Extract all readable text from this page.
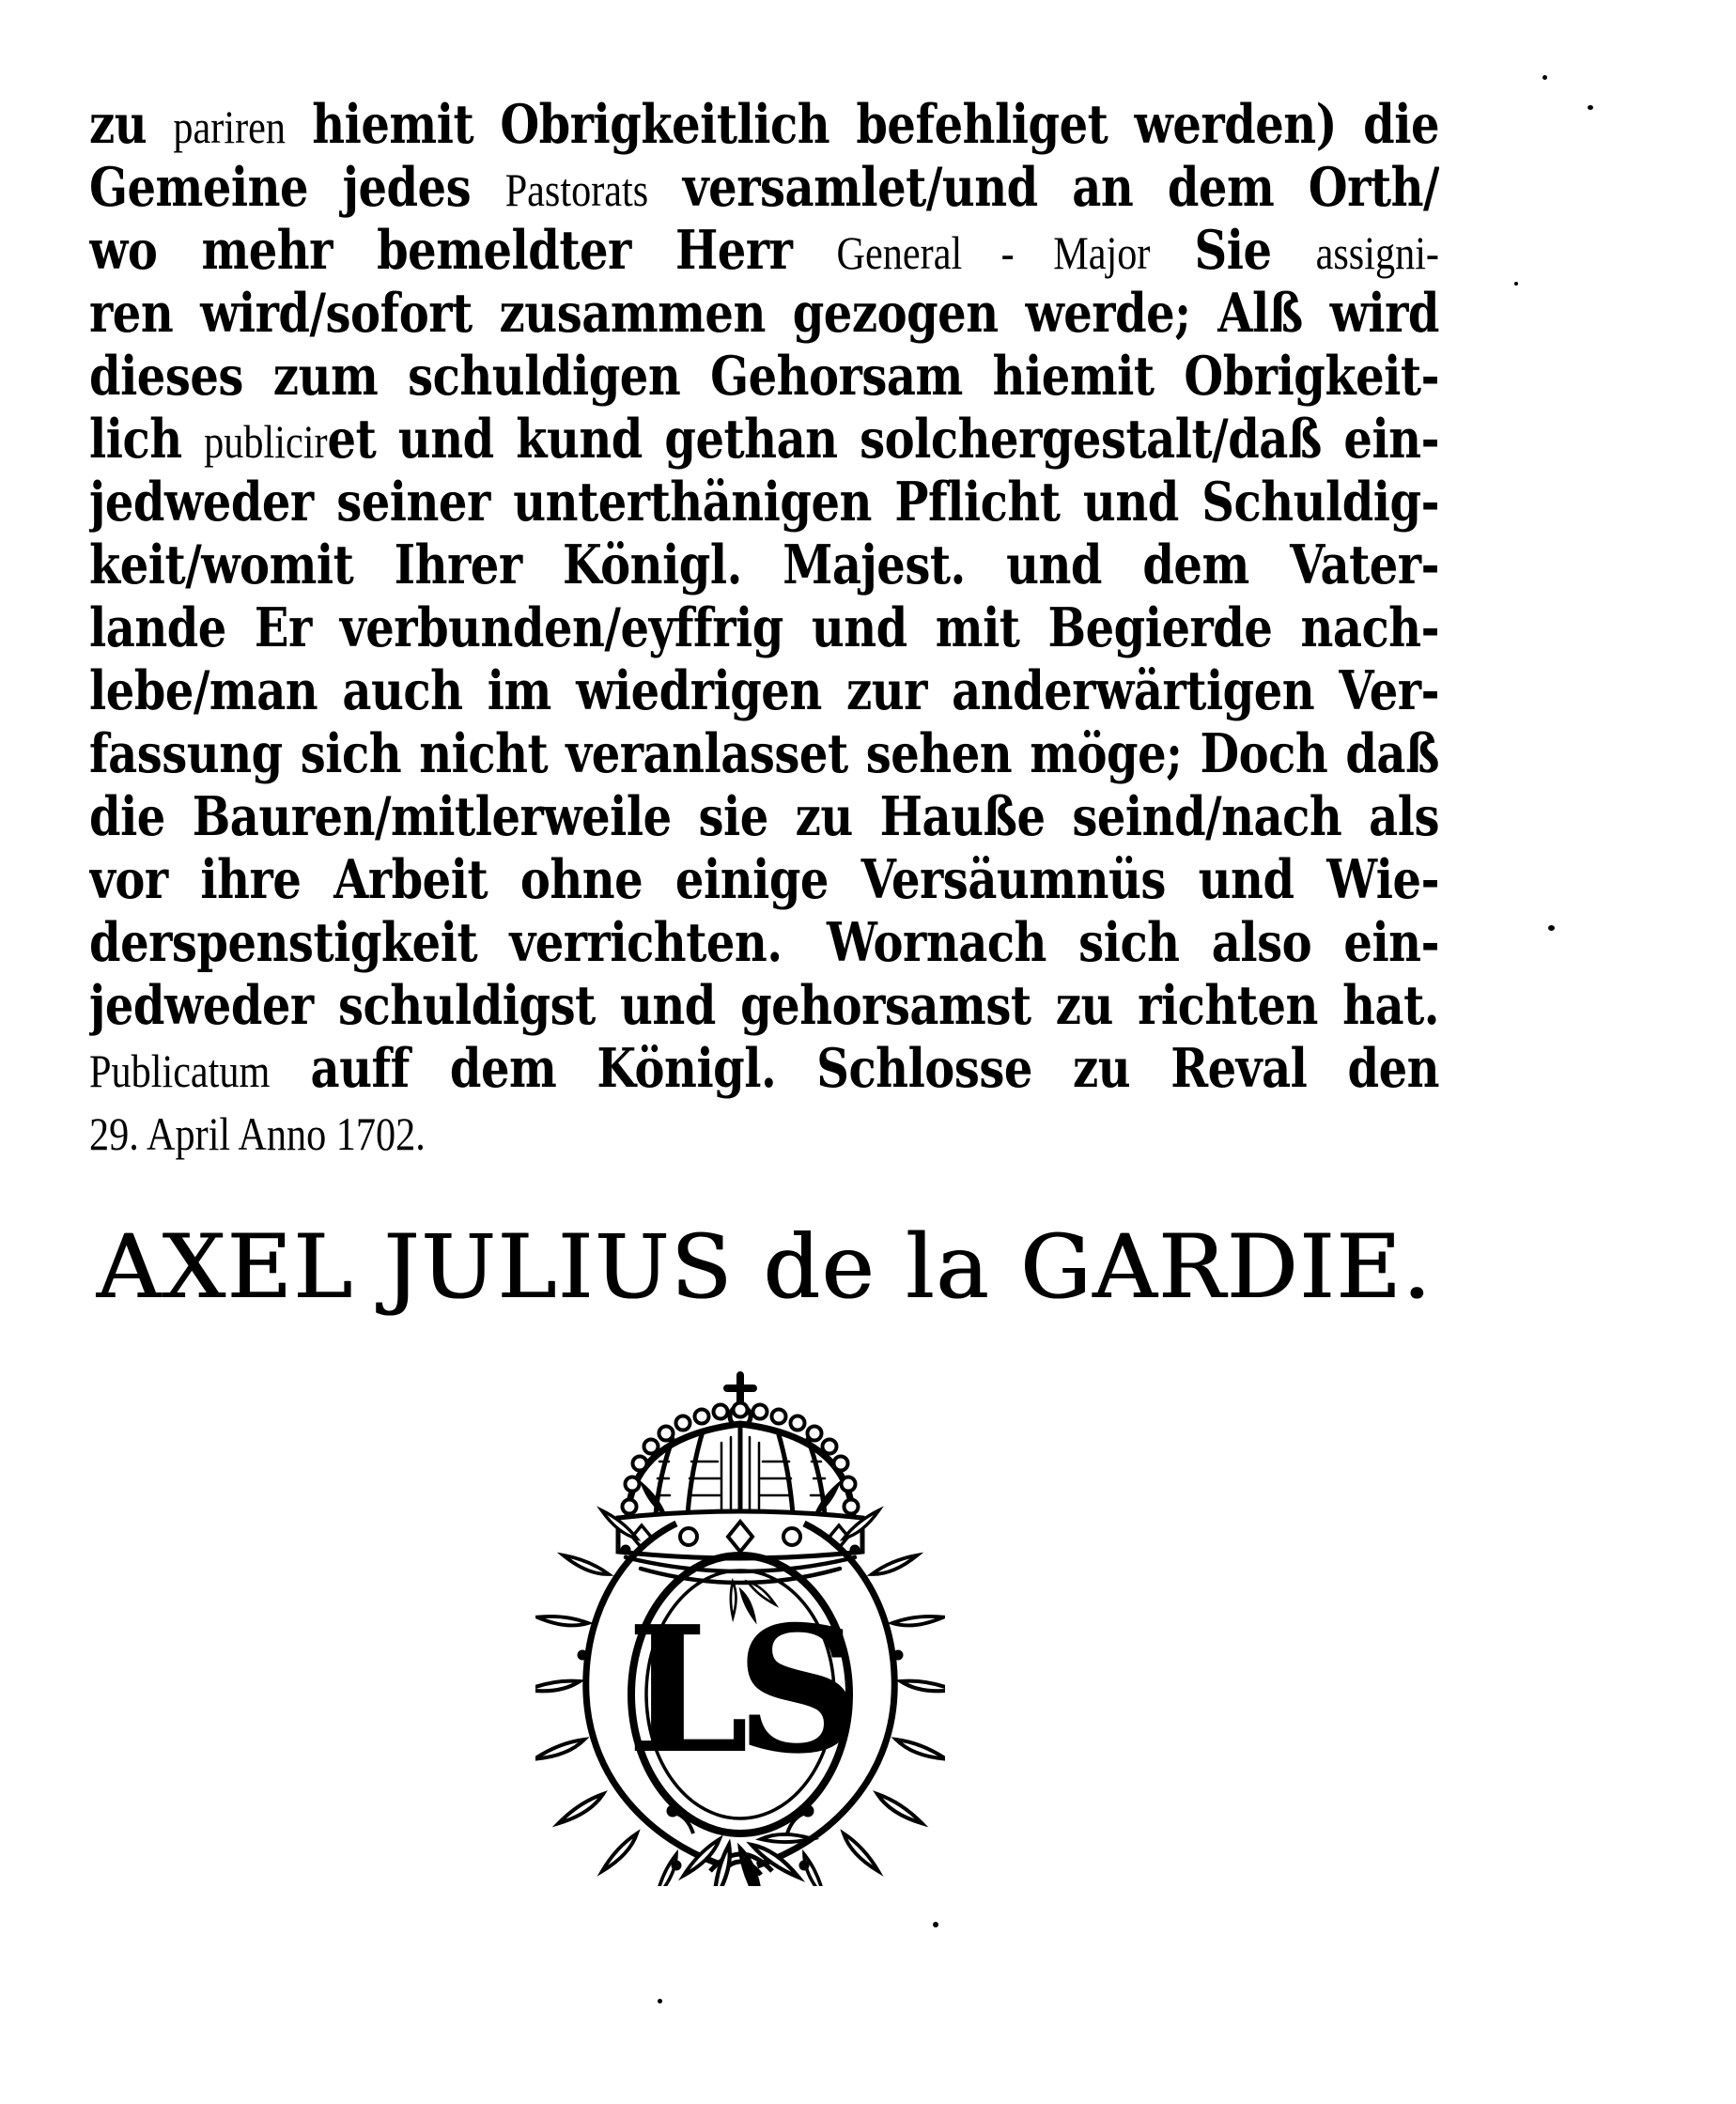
zu pariren hiemit Obrigkeitlich befehliget werden) die
Gemeine jedes Pastorats versamlet/und an dem Orth/
wo mehr bemeldter Herr General - Major Sie assigni-
ren wird/sofort zusammen gezogen werde; Alß wird
dieses zum schuldigen Gehorsam hiemit Obrigkeit-
lich publiciret und kund gethan solchergestalt/daß ein-
jedweder seiner unterthänigen Pflicht und Schuldig-
keit/womit Ihrer Königl. Majest. und dem Vater-
lande Er verbunden/eyffrig und mit Begierde nach-
lebe/man auch im wiedrigen zur anderwärtigen Ver-
fassung sich nicht veranlasset sehen möge; Doch daß
die Bauren/mitlerweile sie zu Hauße seind/nach als
vor ihre Arbeit ohne einige Versäumnüs und Wie-
derspenstigkeit verrichten. Wornach sich also ein-
jedweder schuldigst und gehorsamst zu richten hat.
Publicatum auff dem Königl. Schlosse zu Reval den
29. April Anno 1702.
AXEL JULIUS de la GARDIE.
LS
